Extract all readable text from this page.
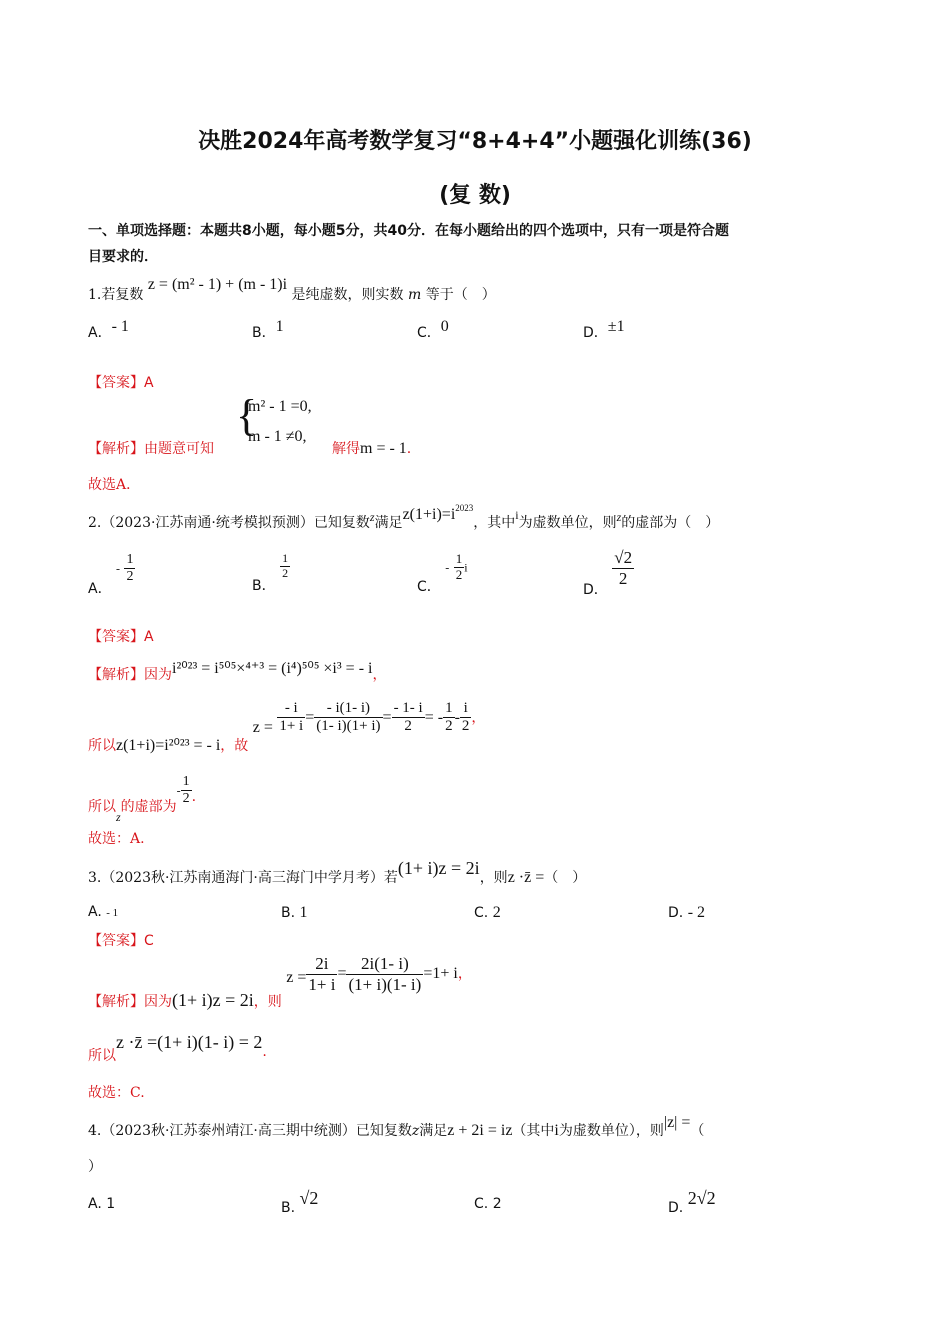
决胜2024年高考数学复习“8+4+4”小题强化训练(36)
(复 数)
一、单项选择题：本题共8小题，每小题5分，共40分．在每小题给出的四个选项中，只有一项是符合题
目要求的．
1.若复数 z = (m² - 1) + (m - 1)i 是纯虚数，则实数 m 等于（　）
A．- 1	B．1	C．0	D．±1
【答案】A
{
m² - 1 =0,
m - 1 ≠0,
【解析】由题意可知	解得m = - 1.
故选A．
2.（2023·江苏南通·统考模拟预测）已知复数z满足$z(1+i)=i^{2023}$，其中i为虚数单位，则z的虚部为（　）
A． - $\frac{1}{2}$
B．
$\frac{1}{2}$
C． - $\frac{1}{2}$ i
D．
$\frac{√2}{2}$
【答案】A
【解析】因为i²⁰²³ = i⁵⁰⁵×⁴⁺³ = (i⁴)⁵⁰⁵ ×i³ = - i，
所以z(1+i)=i²⁰²³ = - i，故 $z = \frac{- i}{1+ i} = \frac{- i(1- i)}{(1- i)(1+ i)} = \frac{- 1- i}{2}$ = - $\frac{1}{2} - \frac{i}{2}$ ，
所以z的虚部为- $\frac{1}{2}$ .
故选：A.
3.（2023秋·江苏南通海门·高三海门中学月考）若(1+ i)z = 2i，则z ·z̄ =（　）
A. - 1	B. 1	C. 2	D. - 2
【答案】C
【解析】因为(1+ i)z = 2i，则 $z = \frac{2i}{1+ i} = \frac{2i(1- i)}{(1+ i)(1- i)} =1+ i$，
所以z ·z̄ =(1+ i)(1- i) = 2.
故选：C.
4.（2023秋·江苏泰州靖江·高三期中统测）已知复数z满足z + 2i = iz（其中i为虚数单位），则|z| =（
）
A. 1	B. √2	C. 2	D. 2√2
